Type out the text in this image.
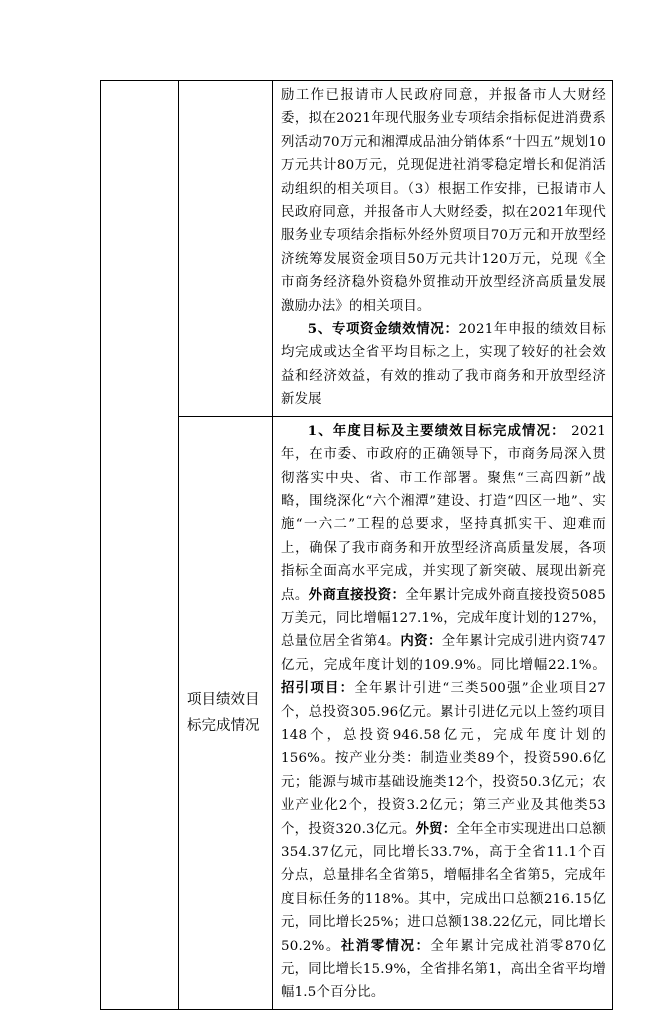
		励工作已报请市人民政府同意，并报备市人大财经委，拟在2021年现代服务业专项结余指标促进消费系列活动70万元和湘潭成品油分销体系“十四五”规划10万元共计80万元，兑现促进社消零稳定增长和促消活动组织的相关项目。（3）根据工作安排，已报请市人民政府同意，并报备市人大财经委，拟在2021年现代服务业专项结余指标外经外贸项目70万元和开放型经济统筹发展资金项目50万元共计120万元，兑现《全市商务经济稳外资稳外贸推动开放型经济高质量发展激励办法》的相关项目。

5、专项资金绩效情况：2021年申报的绩效目标均完成或达全省平均目标之上，实现了较好的社会效益和经济效益，有效的推动了我市商务和开放型经济新发展

	项目绩效目标完成情况	1、年度目标及主要绩效目标完成情况： 2021年，在市委、市政府的正确领导下，市商务局深入贯彻落实中央、省、市工作部署。聚焦“三高四新”战略，围绕深化“六个湘潭”建设、打造“四区一地”、实施“一六二”工程的总要求，坚持真抓实干、迎难而上，确保了我市商务和开放型经济高质量发展，各项指标全面高水平完成，并实现了新突破、展现出新亮点。外商直接投资：全年累计完成外商直接投资5085万美元，同比增幅127.1%，完成年度计划的127%，总量位居全省第4。内资：全年累计完成引进内资747亿元，完成年度计划的109.9%。同比增幅22.1%。招引项目：全年累计引进“三类500强”企业项目27个，总投资305.96亿元。累计引进亿元以上签约项目148个，总投资946.58亿元，完成年度计划的156%。按产业分类：制造业类89个，投资590.6亿元；能源与城市基础设施类12个，投资50.3亿元；农业产业化2个，投资3.2亿元；第三产业及其他类53个，投资320.3亿元。外贸：全年全市实现进出口总额354.37亿元，同比增长33.7%，高于全省11.1个百分点，总量排名全省第5，增幅排名全省第5，完成年度目标任务的118%。其中，完成出口总额216.15亿元，同比增长25%；进口总额138.22亿元，同比增长50.2%。社消零情况：全年累计完成社消零870亿元，同比增长15.9%，全省排名第1，高出全省平均增幅1.5个百分比。
